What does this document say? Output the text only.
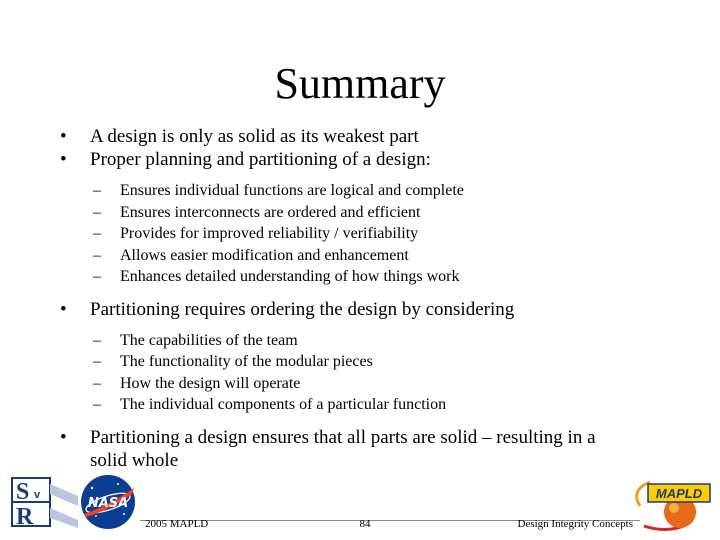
Summary
• A design is only as solid as its weakest part
• Proper planning and partitioning of a design:
– Ensures individual functions are logical and complete
– Ensures interconnects are ordered and efficient
– Provides for improved reliability / verifiability
– Allows easier modification and enhancement
– Enhances detailed understanding of how things work
• Partitioning requires ordering the design by considering
– The capabilities of the team
– The functionality of the modular pieces
– How the design will operate
– The individual components of a particular function
• Partitioning a design ensures that all parts are solid – resulting in a
solid whole
S v
R
NASA
MAPLD
2005 MAPLD	84	Design Integrity Concepts
